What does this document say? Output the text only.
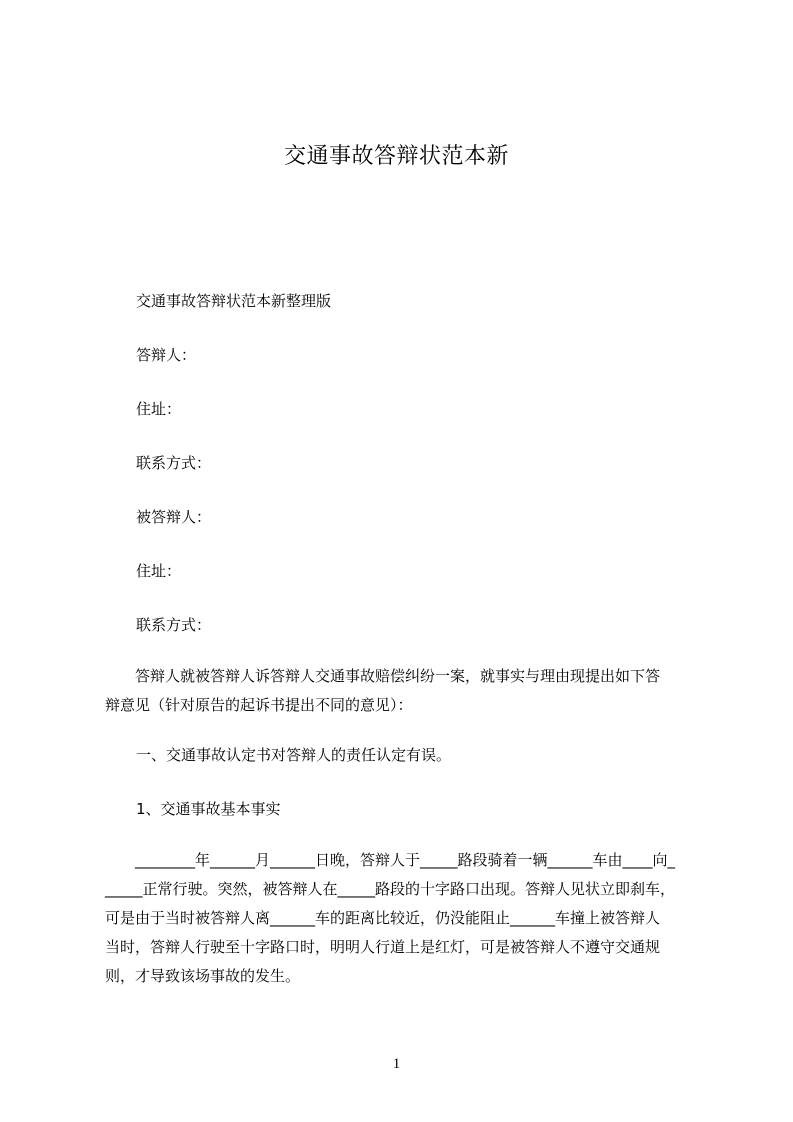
交通事故答辩状范本新
交通事故答辩状范本新整理版
答辩人：
住址：
联系方式：
被答辩人：
住址：
联系方式：
　　答辩人就被答辩人诉答辩人交通事故赔偿纠纷一案，就事实与理由现提出如下答
辩意见（针对原告的起诉书提出不同的意见）：
一、交通事故认定书对答辩人的责任认定有误。
1、交通事故基本事实
　　________年______月______日晚，答辩人于_____路段骑着一辆______车由____向_
_____正常行驶。突然，被答辩人在_____路段的十字路口出现。答辩人见状立即刹车，
可是由于当时被答辩人离______车的距离比较近，仍没能阻止______车撞上被答辩人
当时，答辩人行驶至十字路口时，明明人行道上是红灯，可是被答辩人不遵守交通规
则，才导致该场事故的发生。
1
